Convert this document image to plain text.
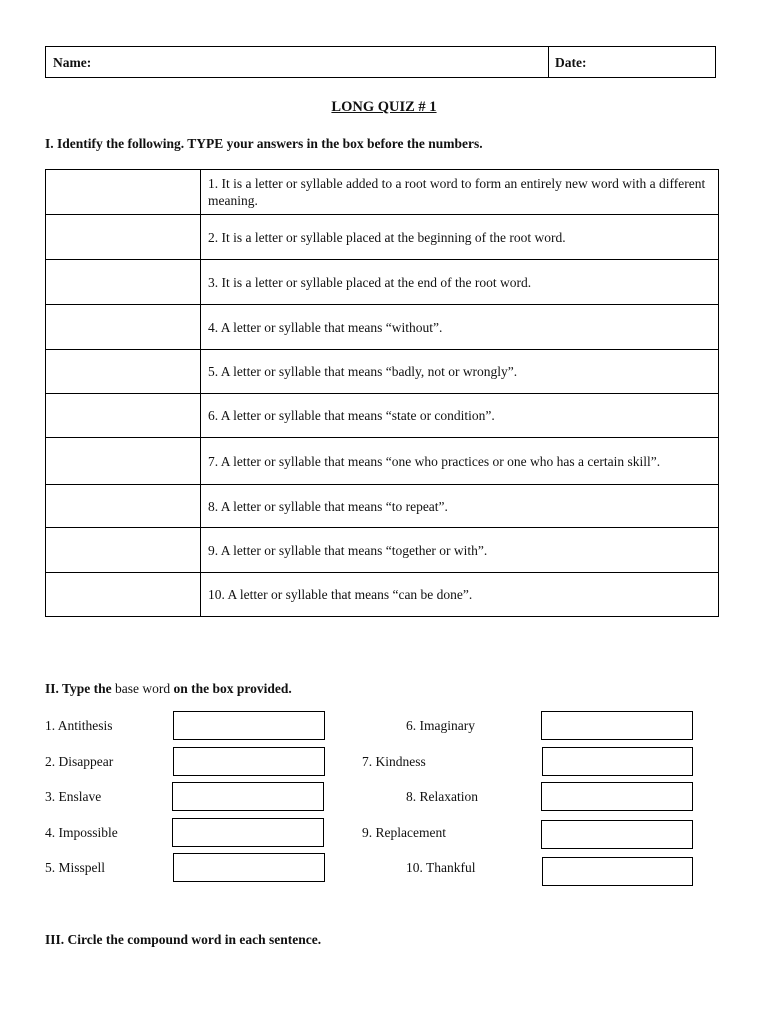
Name:	Date:
LONG QUIZ # 1
I. Identify the following. TYPE your answers in the box before the numbers.
	1. It is a letter or syllable added to a root word to form an entirely new word with a different meaning.
	2. It is a letter or syllable placed at the beginning of the root word.
	3. It is a letter or syllable placed at the end of the root word.
	4. A letter or syllable that means “without”.
	5. A letter or syllable that means “badly, not or wrongly”.
	6. A letter or syllable that means “state or condition”.
	7. A letter or syllable that means “one who practices or one who has a certain skill”.
	8. A letter or syllable that means “to repeat”.
	9. A letter or syllable that means “together or with”.
	10. A letter or syllable that means “can be done”.
II. Type the base word on the box provided.
1. Antithesis
2. Disappear
3. Enslave
4. Impossible
5. Misspell
6. Imaginary
7. Kindness
8. Relaxation
9. Replacement
10. Thankful
III. Circle the compound word in each sentence.
